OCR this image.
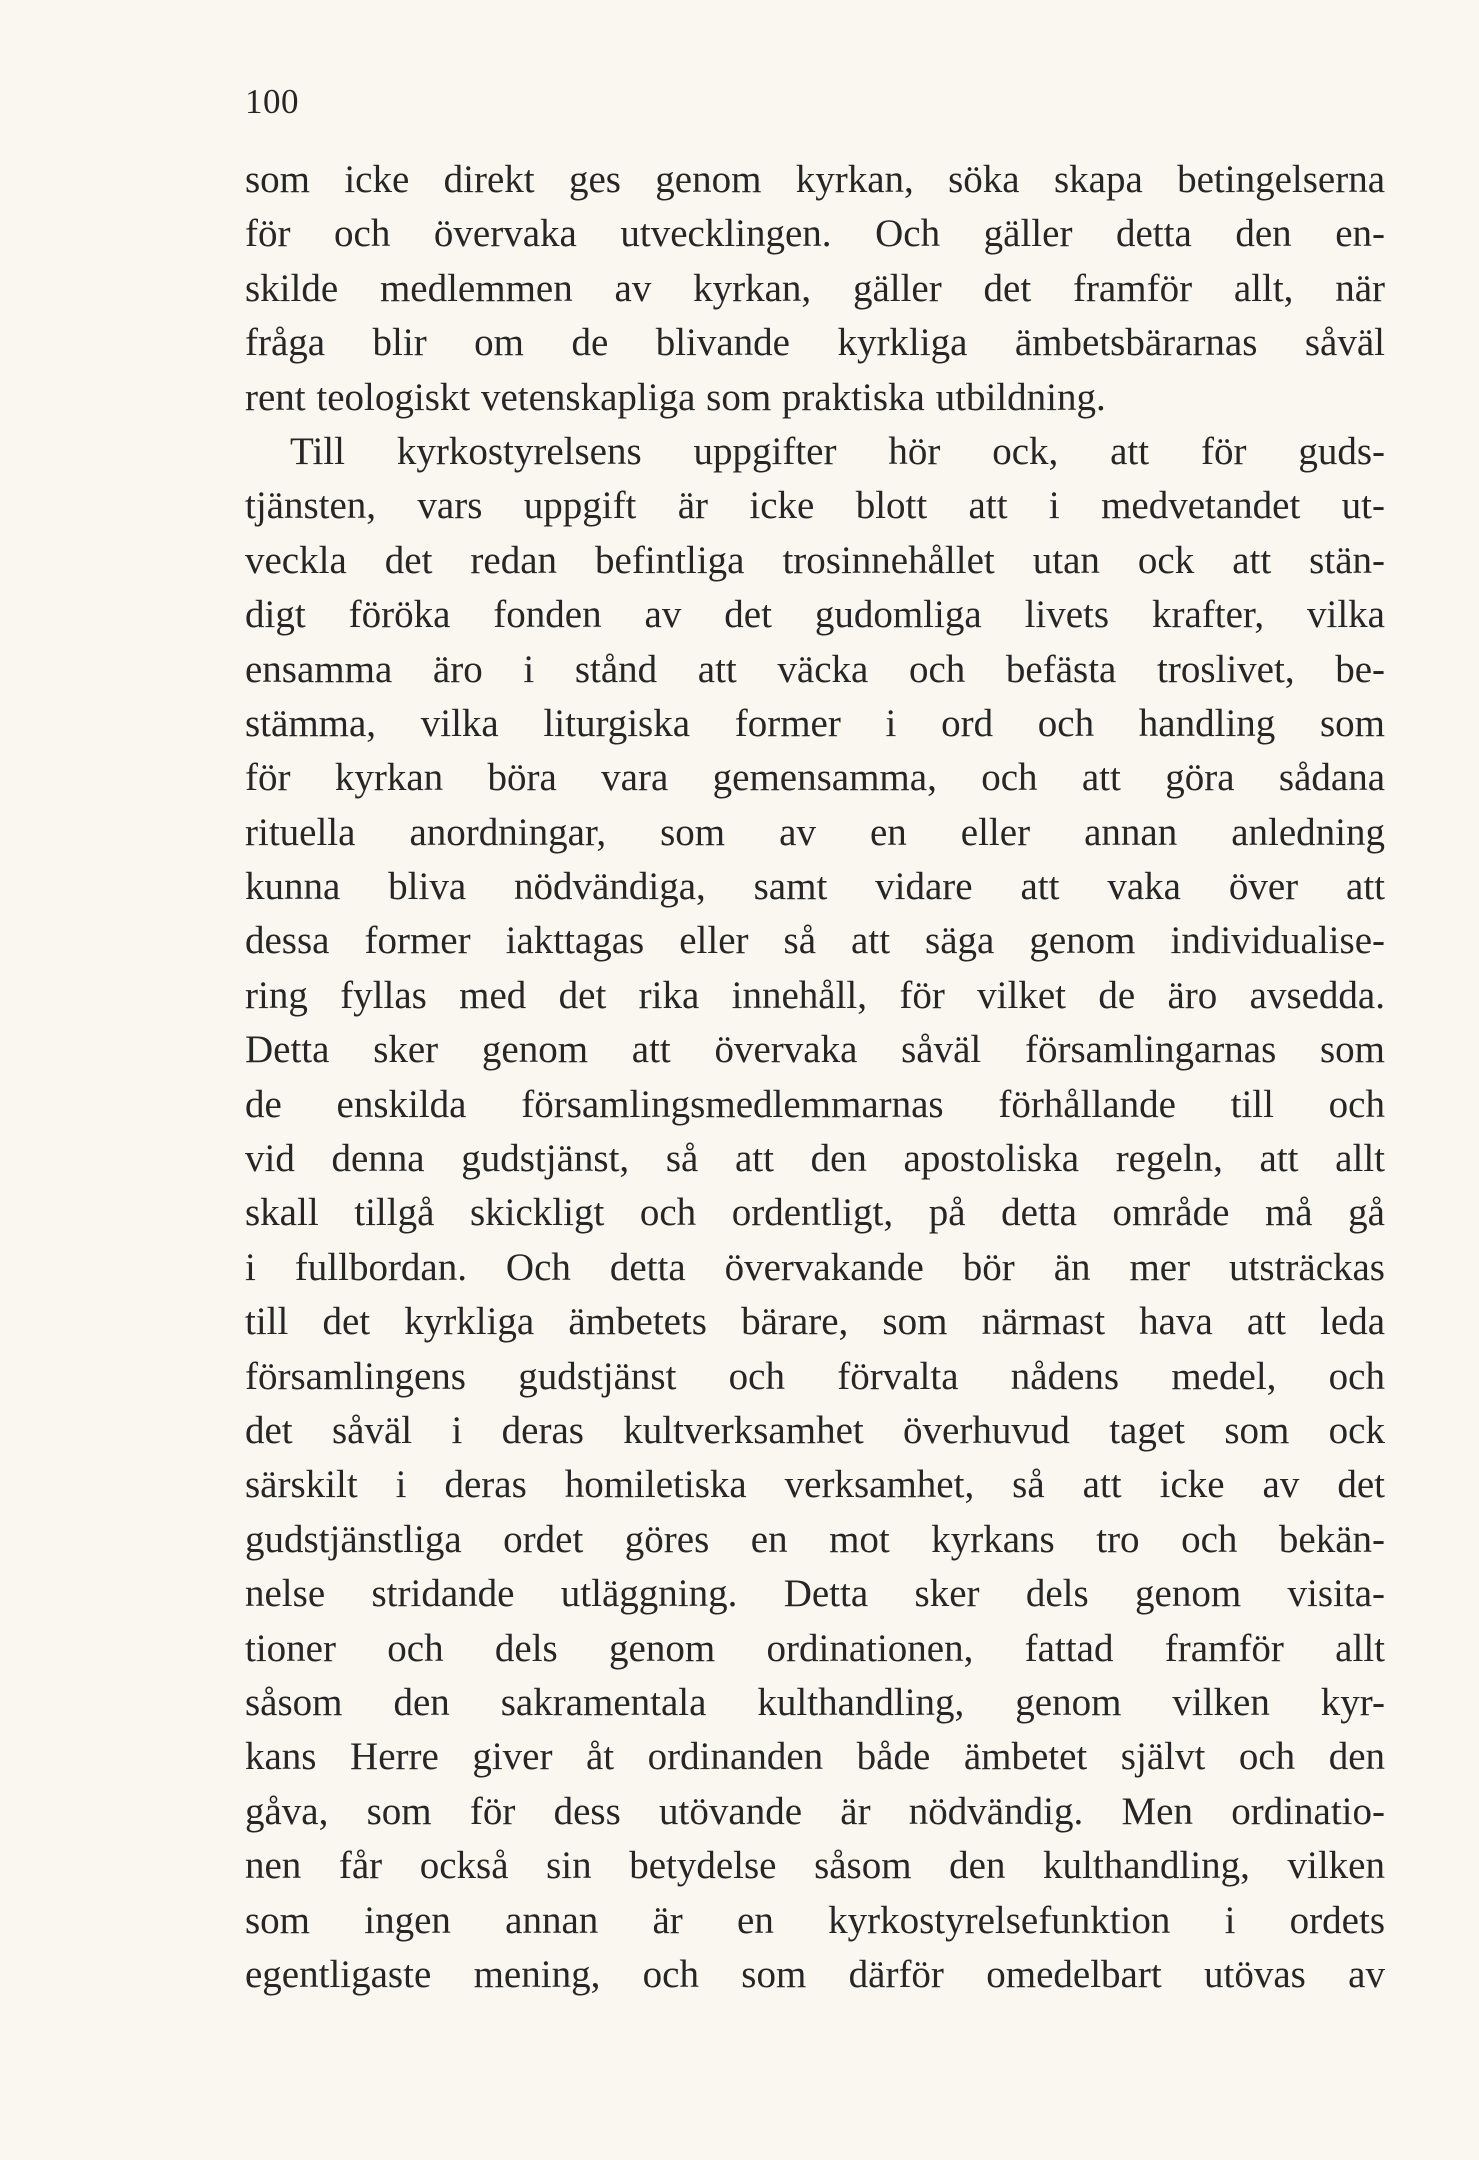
100
som icke direkt ges genom kyrkan, söka skapa betingelserna
för och övervaka utvecklingen. Och gäller detta den en-
skilde medlemmen av kyrkan, gäller det framför allt, när
fråga blir om de blivande kyrkliga ämbetsbärarnas såväl
rent teologiskt vetenskapliga som praktiska utbildning.
Till kyrkostyrelsens uppgifter hör ock, att för guds-
tjänsten, vars uppgift är icke blott att i medvetandet ut-
veckla det redan befintliga trosinnehållet utan ock att stän-
digt föröka fonden av det gudomliga livets krafter, vilka
ensamma äro i stånd att väcka och befästa troslivet, be-
stämma, vilka liturgiska former i ord och handling som
för kyrkan böra vara gemensamma, och att göra sådana
rituella anordningar, som av en eller annan anledning
kunna bliva nödvändiga, samt vidare att vaka över att
dessa former iakttagas eller så att säga genom individualise-
ring fyllas med det rika innehåll, för vilket de äro avsedda.
Detta sker genom att övervaka såväl församlingarnas som
de enskilda församlingsmedlemmarnas förhållande till och
vid denna gudstjänst, så att den apostoliska regeln, att allt
skall tillgå skickligt och ordentligt, på detta område må gå
i fullbordan. Och detta övervakande bör än mer utsträckas
till det kyrkliga ämbetets bärare, som närmast hava att leda
församlingens gudstjänst och förvalta nådens medel, och
det såväl i deras kultverksamhet överhuvud taget som ock
särskilt i deras homiletiska verksamhet, så att icke av det
gudstjänstliga ordet göres en mot kyrkans tro och bekän-
nelse stridande utläggning. Detta sker dels genom visita-
tioner och dels genom ordinationen, fattad framför allt
såsom den sakramentala kulthandling, genom vilken kyr-
kans Herre giver åt ordinanden både ämbetet självt och den
gåva, som för dess utövande är nödvändig. Men ordinatio-
nen får också sin betydelse såsom den kulthandling, vilken
som ingen annan är en kyrkostyrelsefunktion i ordets
egentligaste mening, och som därför omedelbart utövas av
